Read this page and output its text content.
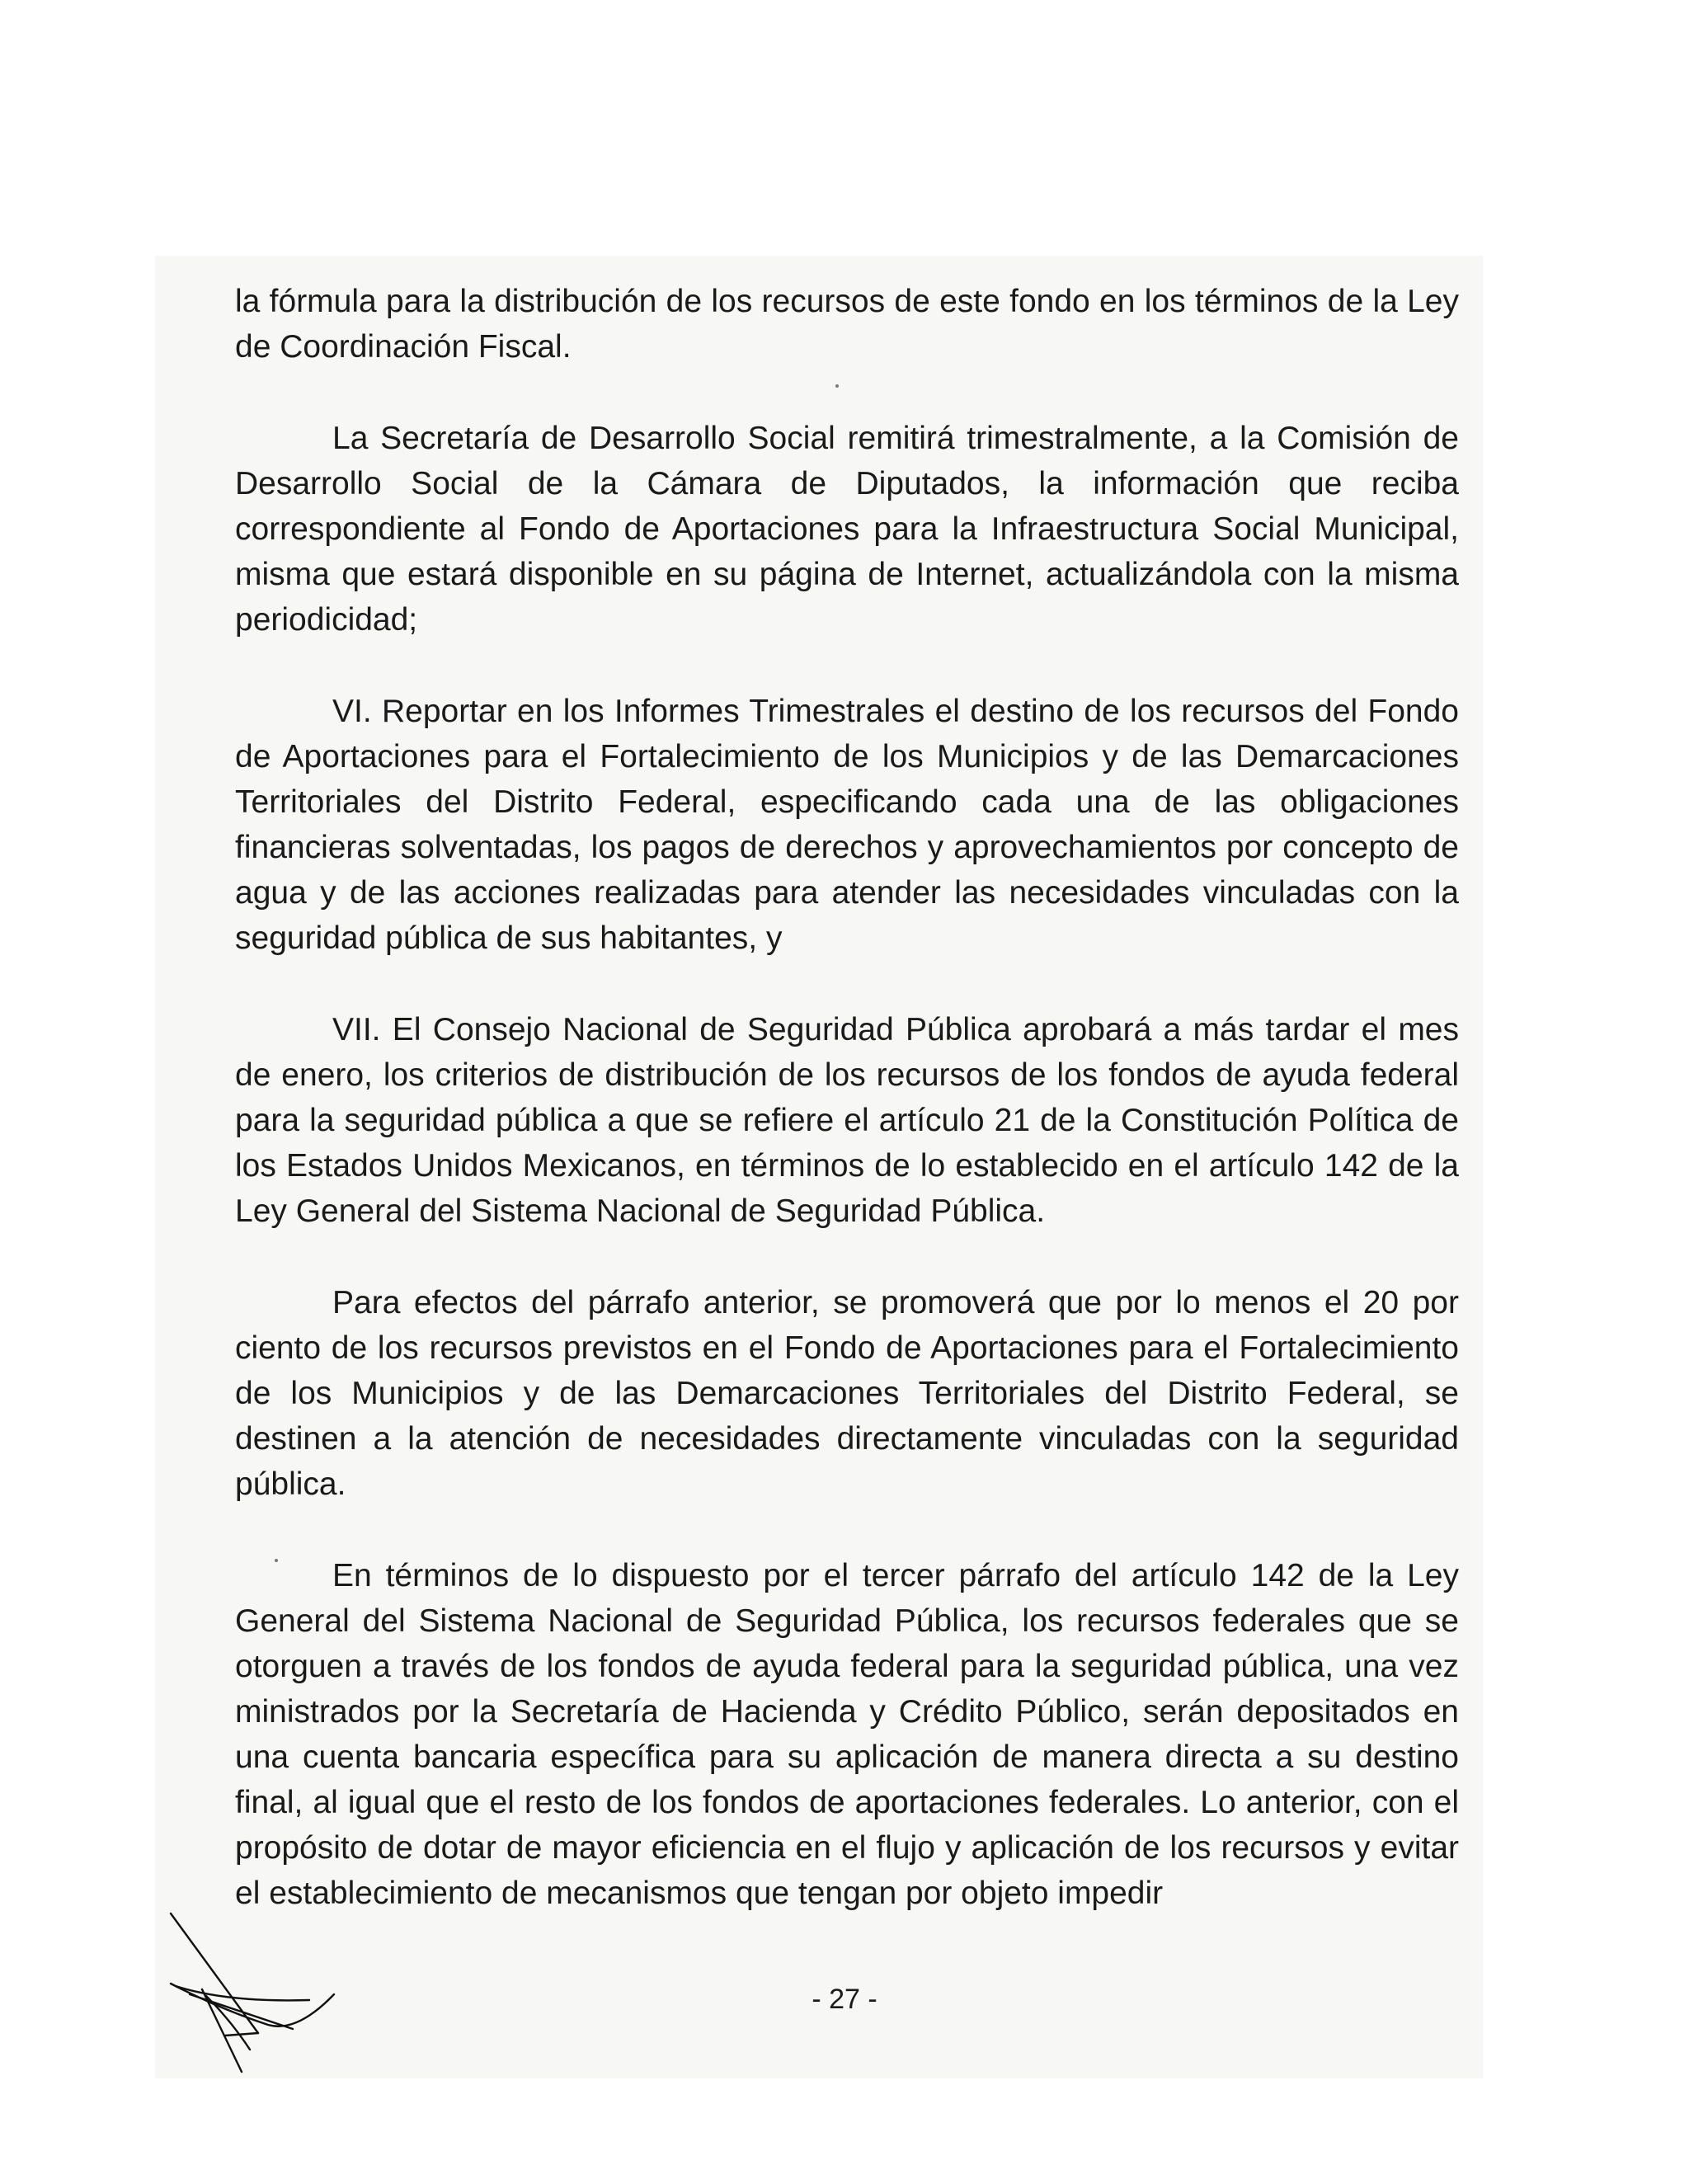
la fórmula para la distribución de los recursos de este fondo en los términos de la Ley de Coordinación Fiscal.

La Secretaría de Desarrollo Social remitirá trimestralmente, a la Comisión de Desarrollo Social de la Cámara de Diputados, la información que reciba correspondiente al Fondo de Aportaciones para la Infraestructura Social Municipal, misma que estará disponible en su página de Internet, actualizándola con la misma periodicidad;

VI. Reportar en los Informes Trimestrales el destino de los recursos del Fondo de Aportaciones para el Fortalecimiento de los Municipios y de las Demarcaciones Territoriales del Distrito Federal, especificando cada una de las obligaciones financieras solventadas, los pagos de derechos y aprovechamientos por concepto de agua y de las acciones realizadas para atender las necesidades vinculadas con la seguridad pública de sus habitantes, y

VII. El Consejo Nacional de Seguridad Pública aprobará a más tardar el mes de enero, los criterios de distribución de los recursos de los fondos de ayuda federal para la seguridad pública a que se refiere el artículo 21 de la Constitución Política de los Estados Unidos Mexicanos, en términos de lo establecido en el artículo 142 de la Ley General del Sistema Nacional de Seguridad Pública.

Para efectos del párrafo anterior, se promoverá que por lo menos el 20 por ciento de los recursos previstos en el Fondo de Aportaciones para el Fortalecimiento de los Municipios y de las Demarcaciones Territoriales del Distrito Federal, se destinen a la atención de necesidades directamente vinculadas con la seguridad pública.

En términos de lo dispuesto por el tercer párrafo del artículo 142 de la Ley General del Sistema Nacional de Seguridad Pública, los recursos federales que se otorguen a través de los fondos de ayuda federal para la seguridad pública, una vez ministrados por la Secretaría de Hacienda y Crédito Público, serán depositados en una cuenta bancaria específica para su aplicación de manera directa a su destino final, al igual que el resto de los fondos de aportaciones federales. Lo anterior, con el propósito de dotar de mayor eficiencia en el flujo y aplicación de los recursos y evitar el establecimiento de mecanismos que tengan por objeto impedir

- 27 -
